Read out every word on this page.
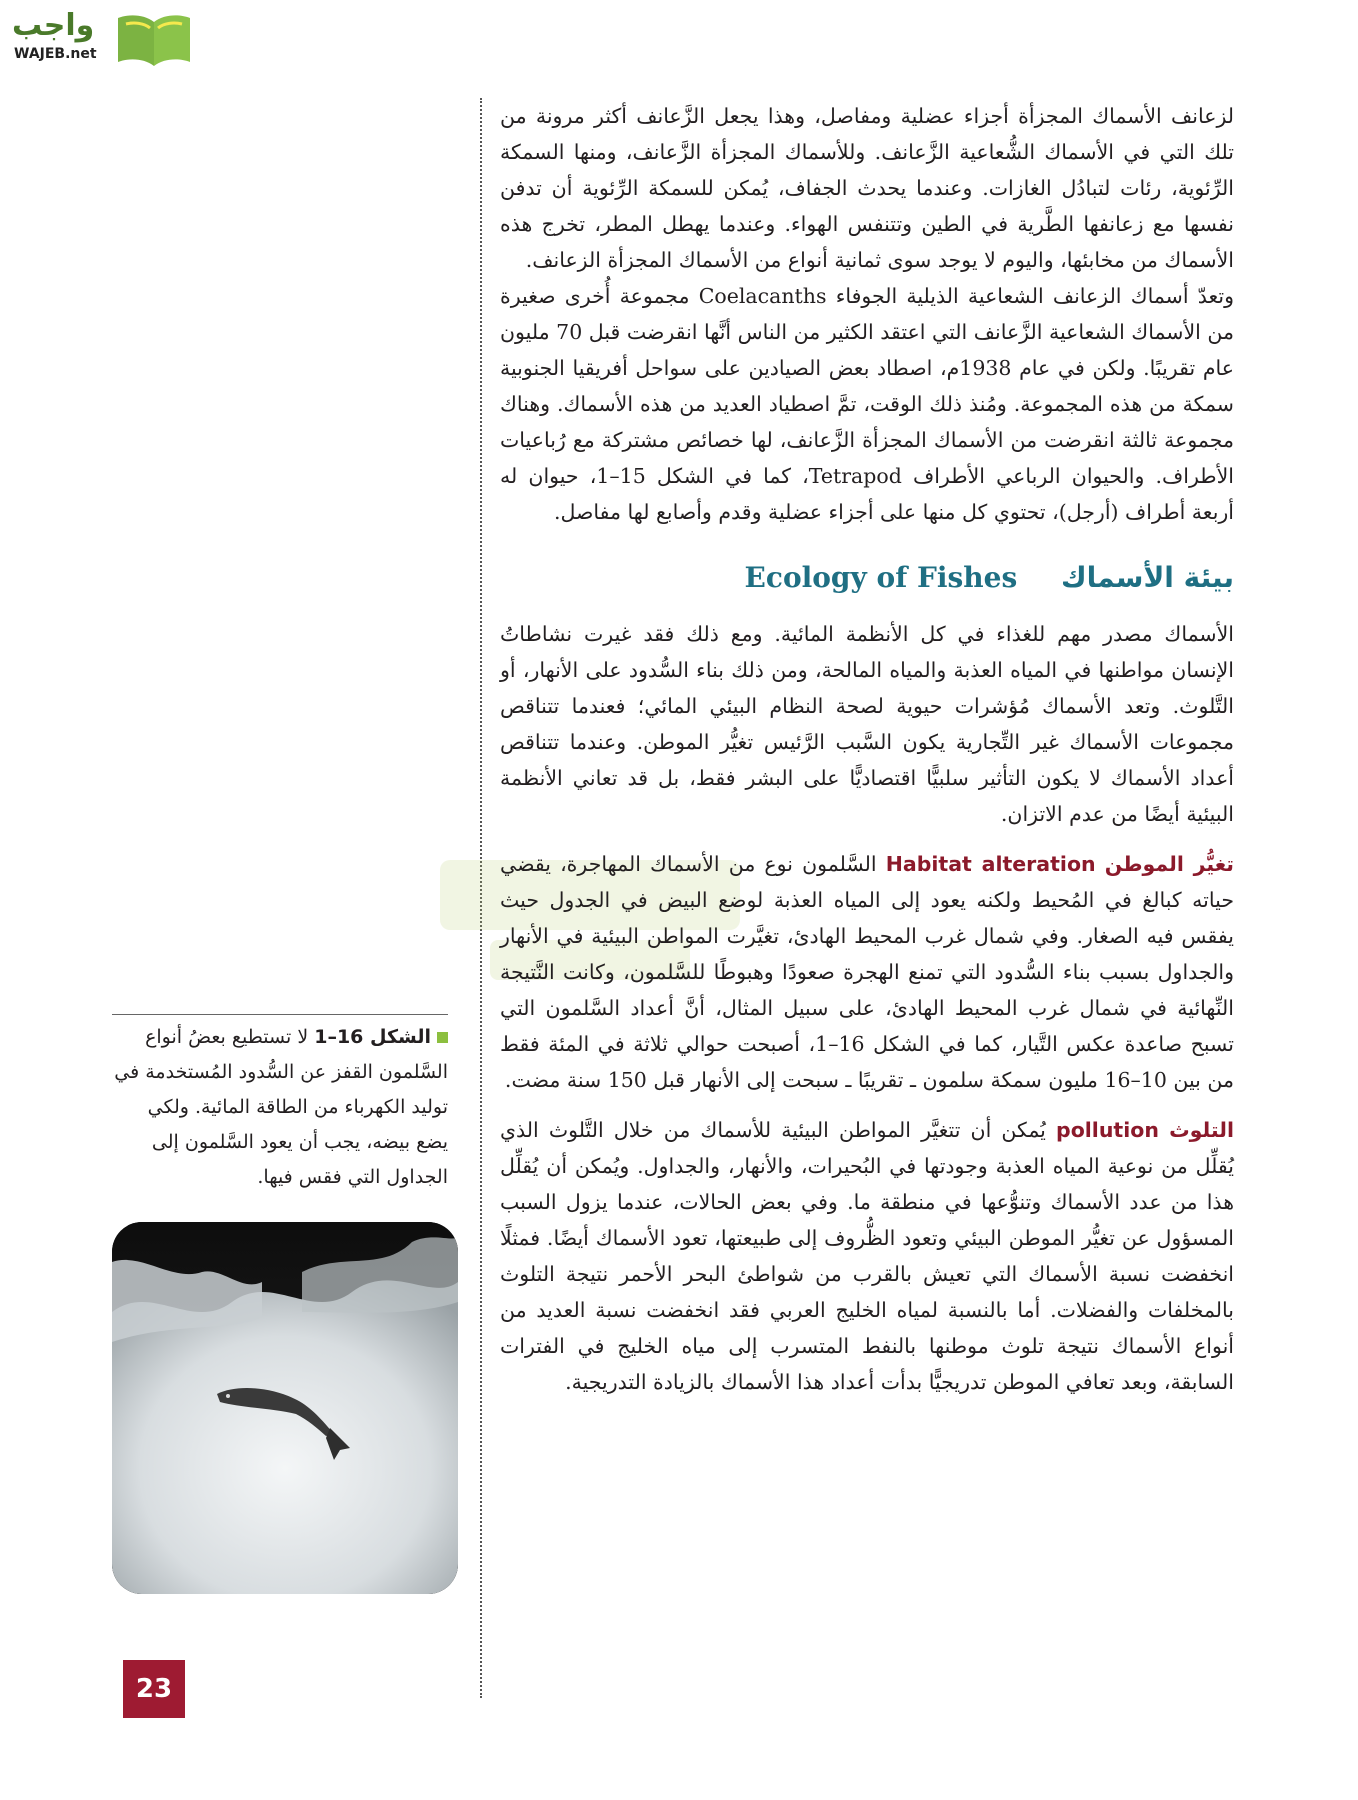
واجب
WAJEB.net

لزعانف الأسماك المجزأة أجزاء عضلية ومفاصل، وهذا يجعل الزَّعانف أكثر مرونة من تلك التي في الأسماك الشُّعاعية الزَّعانف. وللأسماك المجزأة الزَّعانف، ومنها السمكة الرِّئوية، رئات لتبادُل الغازات. وعندما يحدث الجفاف، يُمكن للسمكة الرِّئوية أن تدفن نفسها مع زعانفها الطَّرية في الطين وتتنفس الهواء. وعندما يهطل المطر، تخرج هذه الأسماك من مخابئها، واليوم لا يوجد سوى ثمانية أنواع من الأسماك المجزأة الزعانف.

وتعدّ أسماك الزعانف الشعاعية الذيلية الجوفاء Coelacanths مجموعة أُخرى صغيرة من الأسماك الشعاعية الزَّعانف التي اعتقد الكثير من الناس أنَّها انقرضت قبل 70 مليون عام تقريبًا. ولكن في عام 1938م، اصطاد بعض الصيادين على سواحل أفريقيا الجنوبية سمكة من هذه المجموعة. ومُنذ ذلك الوقت، تمَّ اصطياد العديد من هذه الأسماك. وهناك مجموعة ثالثة انقرضت من الأسماك المجزأة الزَّعانف، لها خصائص مشتركة مع رُباعيات الأطراف. والحيوان الرباعي الأطراف Tetrapod، كما في الشكل 15–1، حيوان له أربعة أطراف (أرجل)، تحتوي كل منها على أجزاء عضلية وقدم وأصابع لها مفاصل.

بيئة الأسماك Ecology of Fishes

الأسماك مصدر مهم للغذاء في كل الأنظمة المائية. ومع ذلك فقد غيرت نشاطاتُ الإنسان مواطنها في المياه العذبة والمياه المالحة، ومن ذلك بناء السُّدود على الأنهار، أو التَّلوث. وتعد الأسماك مُؤشرات حيوية لصحة النظام البيئي المائي؛ فعندما تتناقص مجموعات الأسماك غير التِّجارية يكون السَّبب الرَّئيس تغيُّر الموطن. وعندما تتناقص أعداد الأسماك لا يكون التأثير سلبيًّا اقتصاديًّا على البشر فقط، بل قد تعاني الأنظمة البيئية أيضًا من عدم الاتزان.

تغيُّر الموطن Habitat alteration السَّلمون نوع من الأسماك المهاجرة، يقضي حياته كبالغ في المُحيط ولكنه يعود إلى المياه العذبة لوضع البيض في الجدول حيث يفقس فيه الصغار. وفي شمال غرب المحيط الهادئ، تغيَّرت المواطن البيئية في الأنهار والجداول بسبب بناء السُّدود التي تمنع الهجرة صعودًا وهبوطًا للسَّلمون، وكانت النَّتيجة النِّهائية في شمال غرب المحيط الهادئ، على سبيل المثال، أنَّ أعداد السَّلمون التي تسبح صاعدة عكس التَّيار، كما في الشكل 16–1، أصبحت حوالي ثلاثة في المئة فقط من بين 10–16 مليون سمكة سلمون ـ تقريبًا ـ سبحت إلى الأنهار قبل 150 سنة مضت.

التلوث pollution يُمكن أن تتغيَّر المواطن البيئية للأسماك من خلال التَّلوث الذي يُقلِّل من نوعية المياه العذبة وجودتها في البُحيرات، والأنهار، والجداول. ويُمكن أن يُقلِّل هذا من عدد الأسماك وتنوُّعها في منطقة ما. وفي بعض الحالات، عندما يزول السبب المسؤول عن تغيُّر الموطن البيئي وتعود الظُّروف إلى طبيعتها، تعود الأسماك أيضًا. فمثلًا انخفضت نسبة الأسماك التي تعيش بالقرب من شواطئ البحر الأحمر نتيجة التلوث بالمخلفات والفضلات. أما بالنسبة لمياه الخليج العربي فقد انخفضت نسبة العديد من أنواع الأسماك نتيجة تلوث موطنها بالنفط المتسرب إلى مياه الخليج في الفترات السابقة، وبعد تعافي الموطن تدريجيًّا بدأت أعداد هذا الأسماك بالزيادة التدريجية.

الشكل 16–1 لا تستطيع بعضُ أنواع السَّلمون القفز عن السُّدود المُستخدمة في توليد الكهرباء من الطاقة المائية. ولكي يضع بيضه، يجب أن يعود السَّلمون إلى الجداول التي فقس فيها.
23
